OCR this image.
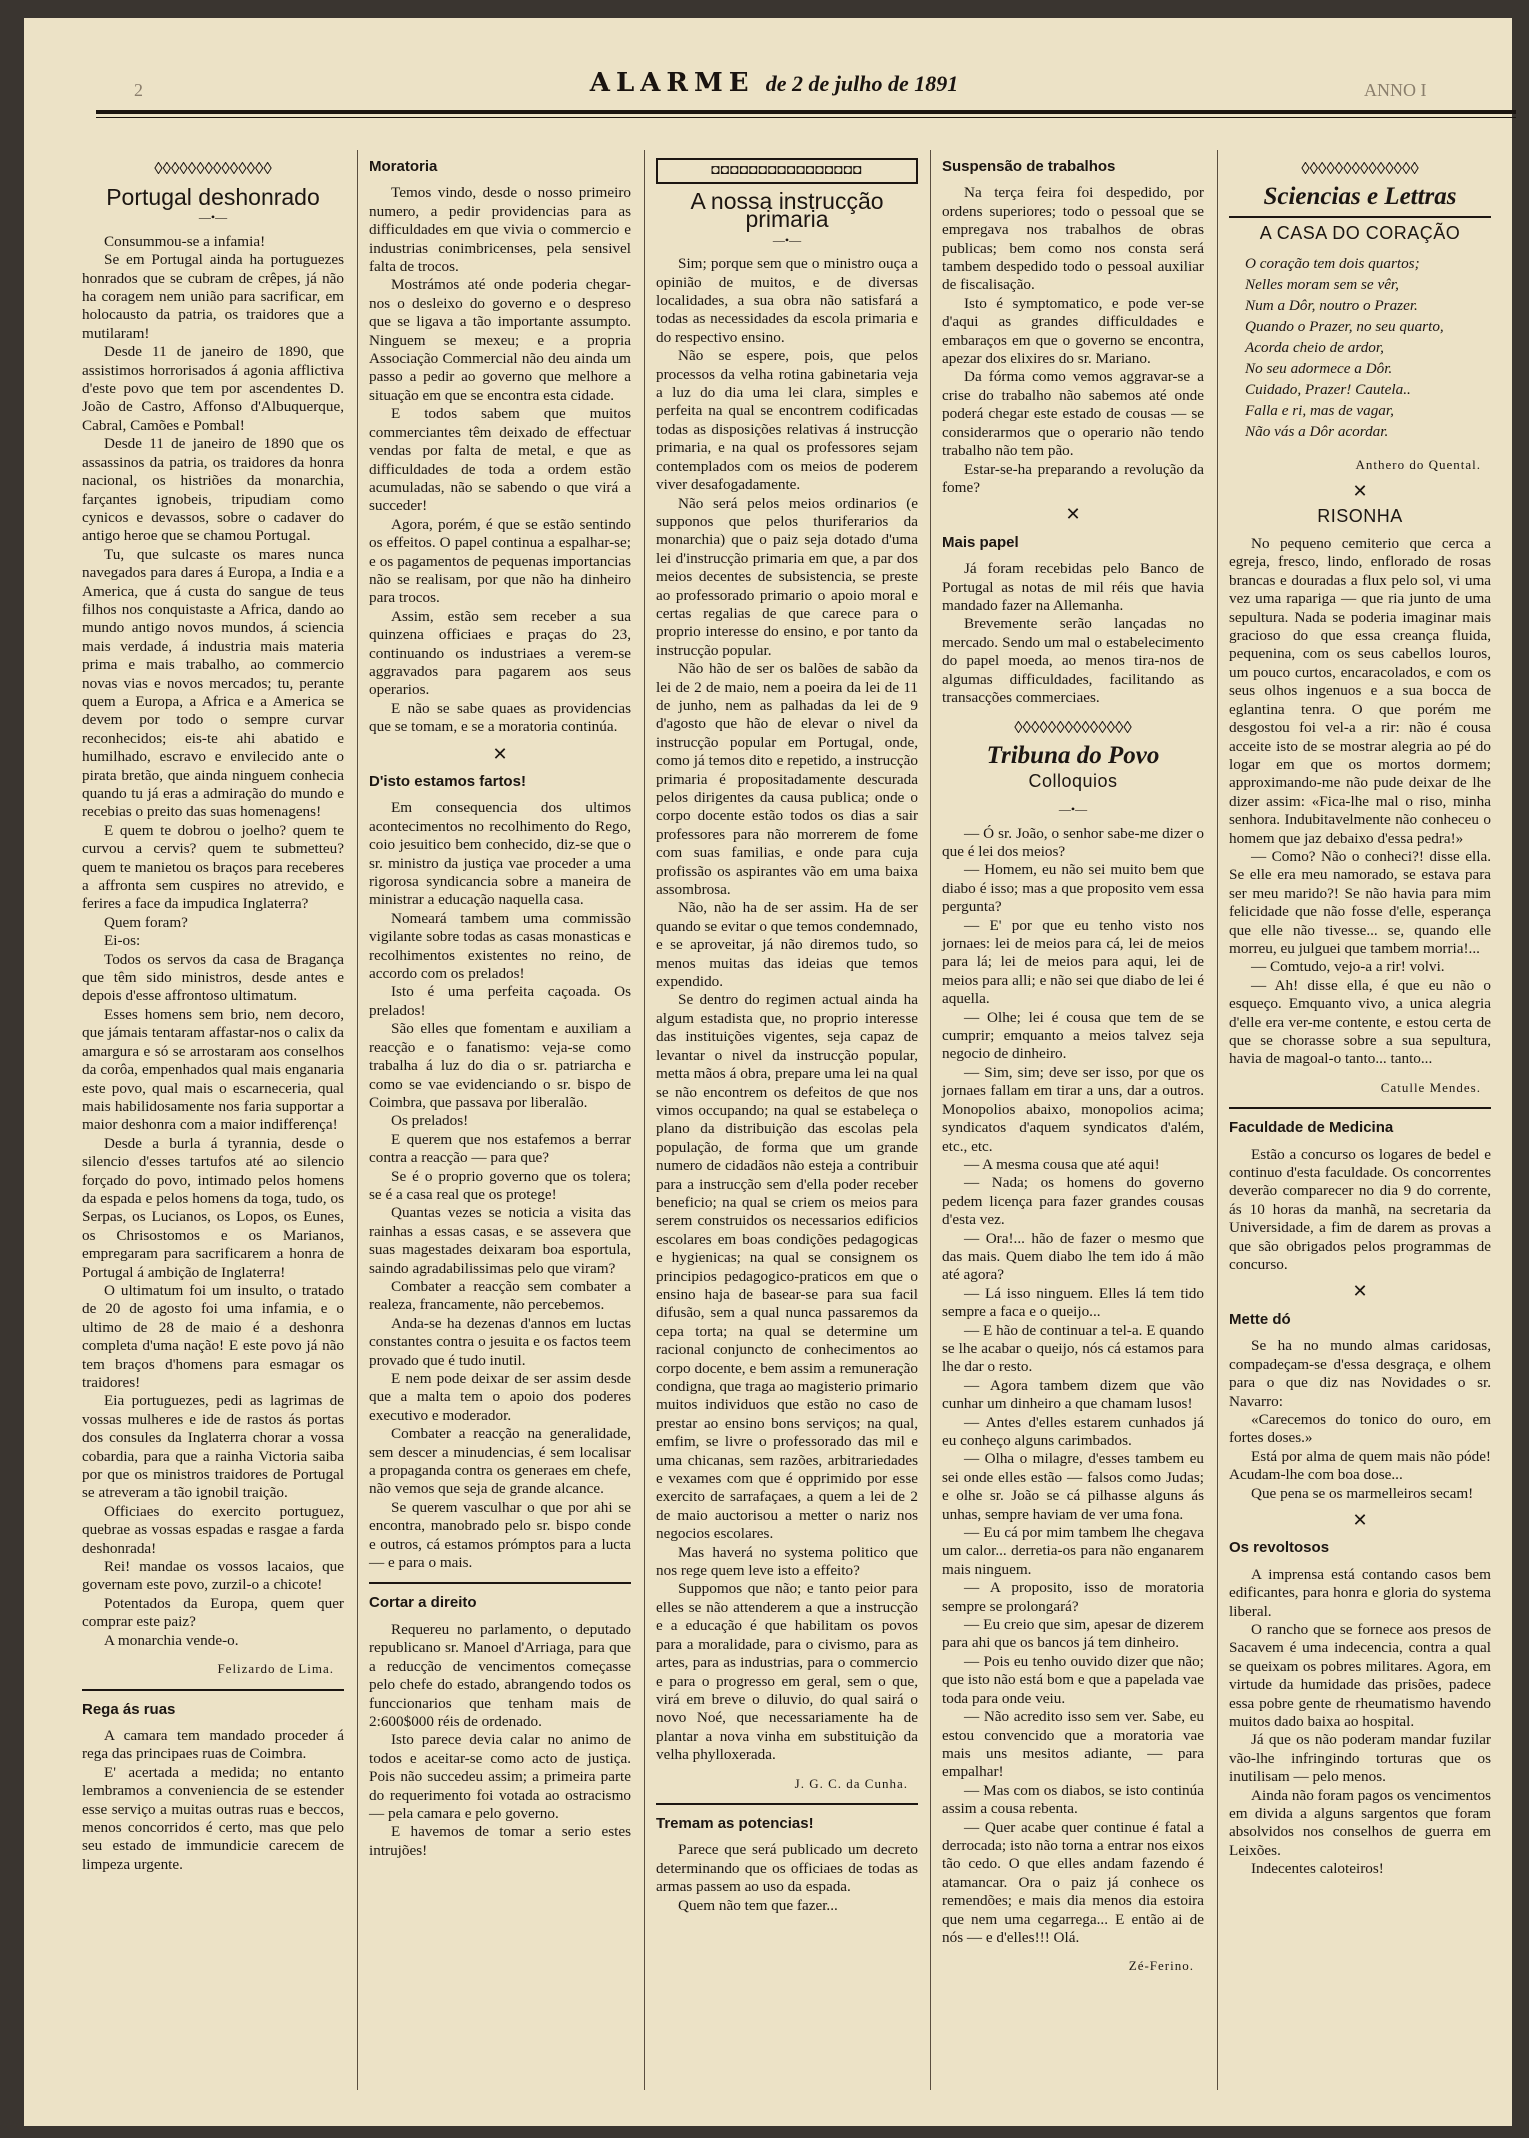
2	ANNO I
ALARME de 2 de julho de 1891
◊◊◊◊◊◊◊◊◊◊◊◊◊◊
Portugal deshonrado
—•—

Consummou-se a infamia!

Se em Portugal ainda ha portuguezes honrados que se cubram de crêpes, já não ha coragem nem união para sacrificar, em holocausto da patria, os traidores que a mutilaram!

Desde 11 de janeiro de 1890, que assistimos horrorisados á agonia afflictiva d'este povo que tem por ascendentes D. João de Castro, Affonso d'Albuquerque, Cabral, Camões e Pombal!

Desde 11 de janeiro de 1890 que os assassinos da patria, os traidores da honra nacional, os histriões da monarchia, farçantes ignobeis, tripudiam como cynicos e devassos, sobre o cadaver do antigo heroe que se chamou Portugal.

Tu, que sulcaste os mares nunca navegados para dares á Europa, a India e a America, que á custa do sangue de teus filhos nos conquistaste a Africa, dando ao mundo antigo novos mundos, á sciencia mais verdade, á industria mais materia prima e mais trabalho, ao commercio novas vias e novos mercados; tu, perante quem a Europa, a Africa e a America se devem por todo o sempre curvar reconhecidos; eis-te ahi abatido e humilhado, escravo e envilecido ante o pirata bretão, que ainda ninguem conhecia quando tu já eras a admiração do mundo e recebias o preito das suas homenagens!

E quem te dobrou o joelho? quem te curvou a cervis? quem te submetteu? quem te manietou os braços para receberes a affronta sem cuspires no atrevido, e ferires a face da impudica Inglaterra?

Quem foram?

Ei-os:

Todos os servos da casa de Bragança que têm sido ministros, desde antes e depois d'esse affrontoso ultimatum.

Esses homens sem brio, nem decoro, que jámais tentaram affastar-nos o calix da amargura e só se arrostaram aos conselhos da corôa, empenhados qual mais enganaria este povo, qual mais o escarneceria, qual mais habilidosamente nos faria supportar a maior deshonra com a maior indifferença!

Desde a burla á tyrannia, desde o silencio d'esses tartufos até ao silencio forçado do povo, intimado pelos homens da espada e pelos homens da toga, tudo, os Serpas, os Lucianos, os Lopos, os Eunes, os Chrisostomos e os Marianos, empregaram para sacrificarem a honra de Portugal á ambição de Inglaterra!

O ultimatum foi um insulto, o tratado de 20 de agosto foi uma infamia, e o ultimo de 28 de maio é a deshonra completa d'uma nação! E este povo já não tem braços d'homens para esmagar os traidores!

Eia portuguezes, pedi as lagrimas de vossas mulheres e ide de rastos ás portas dos consules da Inglaterra chorar a vossa cobardia, para que a rainha Victoria saiba por que os ministros traidores de Portugal se atreveram a tão ignobil traição.

Officiaes do exercito portuguez, quebrae as vossas espadas e rasgae a farda deshonrada!

Rei! mandae os vossos lacaios, que governam este povo, zurzil-o a chicote!

Potentados da Europa, quem quer comprar este paiz?

A monarchia vende-o.

Felizardo de Lima.
Rega ás ruas

A camara tem mandado proceder á rega das principaes ruas de Coimbra.

E' acertada a medida; no entanto lembramos a conveniencia de se estender esse serviço a muitas outras ruas e beccos, menos concorridos é certo, mas que pelo seu estado de immundicie carecem de limpeza urgente.

Moratoria

Temos vindo, desde o nosso primeiro numero, a pedir providencias para as difficuldades em que vivia o commercio e industrias conimbricenses, pela sensivel falta de trocos.

Mostrámos até onde poderia chegar-nos o desleixo do governo e o despreso que se ligava a tão importante assumpto. Ninguem se mexeu; e a propria Associação Commercial não deu ainda um passo a pedir ao governo que melhore a situação em que se encontra esta cidade.

E todos sabem que muitos commerciantes têm deixado de effectuar vendas por falta de metal, e que as difficuldades de toda a ordem estão acumuladas, não se sabendo o que virá a succeder!

Agora, porém, é que se estão sentindo os effeitos. O papel continua a espalhar-se; e os pagamentos de pequenas importancias não se realisam, por que não ha dinheiro para trocos.

Assim, estão sem receber a sua quinzena officiaes e praças do 23, continuando os industriaes a verem-se aggravados para pagarem aos seus operarios.

E não se sabe quaes as providencias que se tomam, e se a moratoria continúa.

✕
D'isto estamos fartos!

Em consequencia dos ultimos acontecimentos no recolhimento do Rego, coio jesuitico bem conhecido, diz-se que o sr. ministro da justiça vae proceder a uma rigorosa syndicancia sobre a maneira de ministrar a educação naquella casa.

Nomeará tambem uma commissão vigilante sobre todas as casas monasticas e recolhimentos existentes no reino, de accordo com os prelados!

Isto é uma perfeita caçoada. Os prelados!

São elles que fomentam e auxiliam a reacção e o fanatismo: veja-se como trabalha á luz do dia o sr. patriarcha e como se vae evidenciando o sr. bispo de Coimbra, que passava por liberalão.

Os prelados!

E querem que nos estafemos a berrar contra a reacção — para que?

Se é o proprio governo que os tolera; se é a casa real que os protege!

Quantas vezes se noticia a visita das rainhas a essas casas, e se assevera que suas magestades deixaram boa esportula, saindo agradabilissimas pelo que viram?

Combater a reacção sem combater a realeza, francamente, não percebemos.

Anda-se ha dezenas d'annos em luctas constantes contra o jesuita e os factos teem provado que é tudo inutil.

E nem pode deixar de ser assim desde que a malta tem o apoio dos poderes executivo e moderador.

Combater a reacção na generalidade, sem descer a minudencias, é sem localisar a propaganda contra os generaes em chefe, não vemos que seja de grande alcance.

Se querem vasculhar o que por ahi se encontra, manobrado pelo sr. bispo conde e outros, cá estamos prómptos para a lucta — e para o mais.

Cortar a direito

Requereu no parlamento, o deputado republicano sr. Manoel d'Arriaga, para que a reducção de vencimentos começasse pelo chefe do estado, abrangendo todos os funccionarios que tenham mais de 2:600$000 réis de ordenado.

Isto parece devia calar no animo de todos e aceitar-se como acto de justiça. Pois não succedeu assim; a primeira parte do requerimento foi votada ao ostracismo — pela camara e pelo governo.

E havemos de tomar a serio estes intrujões!

◘◘◘◘◘◘◘◘◘◘◘◘◘◘◘◘
A nossa instrucção primaria
—•—

Sim; porque sem que o ministro ouça a opinião de muitos, e de diversas localidades, a sua obra não satisfará a todas as necessidades da escola primaria e do respectivo ensino.

Não se espere, pois, que pelos processos da velha rotina gabinetaria veja a luz do dia uma lei clara, simples e perfeita na qual se encontrem codificadas todas as disposições relativas á instrucção primaria, e na qual os professores sejam contemplados com os meios de poderem viver desafogadamente.

Não será pelos meios ordinarios (e supponos que pelos thuriferarios da monarchia) que o paiz seja dotado d'uma lei d'instrucção primaria em que, a par dos meios decentes de subsistencia, se preste ao professorado primario o apoio moral e certas regalias de que carece para o proprio interesse do ensino, e por tanto da instrucção popular.

Não hão de ser os balões de sabão da lei de 2 de maio, nem a poeira da lei de 11 de junho, nem as palhadas da lei de 9 d'agosto que hão de elevar o nivel da instrucção popular em Portugal, onde, como já temos dito e repetido, a instrucção primaria é propositadamente descurada pelos dirigentes da causa publica; onde o corpo docente estão todos os dias a sair professores para não morrerem de fome com suas familias, e onde para cuja profissão os aspirantes vão em uma baixa assombrosa.

Não, não ha de ser assim. Ha de ser quando se evitar o que temos condemnado, e se aproveitar, já não diremos tudo, so menos muitas das ideias que temos expendido.

Se dentro do regimen actual ainda ha algum estadista que, no proprio interesse das instituições vigentes, seja capaz de levantar o nivel da instrucção popular, metta mãos á obra, prepare uma lei na qual se não encontrem os defeitos de que nos vimos occupando; na qual se estabeleça o plano da distribuição das escolas pela população, de forma que um grande numero de cidadãos não esteja a contribuir para a instrucção sem d'ella poder receber beneficio; na qual se criem os meios para serem construidos os necessarios edificios escolares em boas condições pedagogicas e hygienicas; na qual se consignem os principios pedagogico-praticos em que o ensino haja de basear-se para sua facil difusão, sem a qual nunca passaremos da cepa torta; na qual se determine um racional conjuncto de conhecimentos ao corpo docente, e bem assim a remuneração condigna, que traga ao magisterio primario muitos individuos que estão no caso de prestar ao ensino bons serviços; na qual, emfim, se livre o professorado das mil e uma chicanas, sem razões, arbitrariedades e vexames com que é opprimido por esse exercito de sarrafaçaes, a quem a lei de 2 de maio auctorisou a metter o nariz nos negocios escolares.

Mas haverá no systema politico que nos rege quem leve isto a effeito?

Suppomos que não; e tanto peior para elles se não attenderem a que a instrucção e a educação é que habilitam os povos para a moralidade, para o civismo, para as artes, para as industrias, para o commercio e para o progresso em geral, sem o que, virá em breve o diluvio, do qual sairá o novo Noé, que necessariamente ha de plantar a nova vinha em substituição da velha phylloxerada.

J. G. C. da Cunha.
Tremam as potencias!

Parece que será publicado um decreto determinando que os officiaes de todas as armas passem ao uso da espada.

Quem não tem que fazer...

Suspensão de trabalhos

Na terça feira foi despedido, por ordens superiores; todo o pessoal que se empregava nos trabalhos de obras publicas; bem como nos consta será tambem despedido todo o pessoal auxiliar de fiscalisação.

Isto é symptomatico, e pode ver-se d'aqui as grandes difficuldades e embaraços em que o governo se encontra, apezar dos elixires do sr. Mariano.

Da fórma como vemos aggravar-se a crise do trabalho não sabemos até onde poderá chegar este estado de cousas — se considerarmos que o operario não tendo trabalho não tem pão.

Estar-se-ha preparando a revolução da fome?

✕
Mais papel

Já foram recebidas pelo Banco de Portugal as notas de mil réis que havia mandado fazer na Allemanha.

Brevemente serão lançadas no mercado. Sendo um mal o estabelecimento do papel moeda, ao menos tira-nos de algumas difficuldades, facilitando as transacções commerciaes.

◊◊◊◊◊◊◊◊◊◊◊◊◊◊
Tribuna do Povo
Colloquios
—•—

— Ó sr. João, o senhor sabe-me dizer o que é lei dos meios?

— Homem, eu não sei muito bem que diabo é isso; mas a que proposito vem essa pergunta?

— E' por que eu tenho visto nos jornaes: lei de meios para cá, lei de meios para lá; lei de meios para aqui, lei de meios para alli; e não sei que diabo de lei é aquella.

— Olhe; lei é cousa que tem de se cumprir; emquanto a meios talvez seja negocio de dinheiro.

— Sim, sim; deve ser isso, por que os jornaes fallam em tirar a uns, dar a outros. Monopolios abaixo, monopolios acima; syndicatos d'aquem syndicatos d'além, etc., etc.

— A mesma cousa que até aqui!

— Nada; os homens do governo pedem licença para fazer grandes cousas d'esta vez.

— Ora!... hão de fazer o mesmo que das mais. Quem diabo lhe tem ido á mão até agora?

— Lá isso ninguem. Elles lá tem tido sempre a faca e o queijo...

— E hão de continuar a tel-a. E quando se lhe acabar o queijo, nós cá estamos para lhe dar o resto.

— Agora tambem dizem que vão cunhar um dinheiro a que chamam lusos!

— Antes d'elles estarem cunhados já eu conheço alguns carimbados.

— Olha o milagre, d'esses tambem eu sei onde elles estão — falsos como Judas; e olhe sr. João se cá pilhasse alguns ás unhas, sempre haviam de ver uma fona.

— Eu cá por mim tambem lhe chegava um calor... derretia-os para não enganarem mais ninguem.

— A proposito, isso de moratoria sempre se prolongará?

— Eu creio que sim, apesar de dizerem para ahi que os bancos já tem dinheiro.

— Pois eu tenho ouvido dizer que não; que isto não está bom e que a papelada vae toda para onde veiu.

— Não acredito isso sem ver. Sabe, eu estou convencido que a moratoria vae mais uns mesitos adiante, — para empalhar!

— Mas com os diabos, se isto continúa assim a cousa rebenta.

— Quer acabe quer continue é fatal a derrocada; isto não torna a entrar nos eixos tão cedo. O que elles andam fazendo é atamancar. Ora o paiz já conhece os remendões; e mais dia menos dia estoira que nem uma cegarrega... E então ai de nós — e d'elles!!! Olá.

Zé-Ferino.
◊◊◊◊◊◊◊◊◊◊◊◊◊◊
Sciencias e Lettras
A CASA DO CORAÇÃO
O coração tem dois quartos;
Nelles moram sem se vêr,
Num a Dôr, noutro o Prazer.
Quando o Prazer, no seu quarto,
Acorda cheio de ardor,
No seu adormece a Dôr.
Cuidado, Prazer! Cautela..
Falla e ri, mas de vagar,
Não vás a Dôr acordar.
Anthero do Quental.
✕
RISONHA

No pequeno cemiterio que cerca a egreja, fresco, lindo, enflorado de rosas brancas e douradas a flux pelo sol, vi uma vez uma rapariga — que ria junto de uma sepultura. Nada se poderia imaginar mais gracioso do que essa creança fluida, pequenina, com os seus cabellos louros, um pouco curtos, encaracolados, e com os seus olhos ingenuos e a sua bocca de eglantina tenra. O que porém me desgostou foi vel-a a rir: não é cousa acceite isto de se mostrar alegria ao pé do logar em que os mortos dormem; approximando-me não pude deixar de lhe dizer assim: «Fica-lhe mal o riso, minha senhora. Indubitavelmente não conheceu o homem que jaz debaixo d'essa pedra!»

— Como? Não o conheci?! disse ella. Se elle era meu namorado, se estava para ser meu marido?! Se não havia para mim felicidade que não fosse d'elle, esperança que elle não tivesse... se, quando elle morreu, eu julguei que tambem morria!...

— Comtudo, vejo-a a rir! volvi.

— Ah! disse ella, é que eu não o esqueço. Emquanto vivo, a unica alegria d'elle era ver-me contente, e estou certa de que se chorasse sobre a sua sepultura, havia de magoal-o tanto... tanto...

Catulle Mendes.
Faculdade de Medicina

Estão a concurso os logares de bedel e continuo d'esta faculdade. Os concorrentes deverão comparecer no dia 9 do corrente, ás 10 horas da manhã, na secretaria da Universidade, a fim de darem as provas a que são obrigados pelos programmas de concurso.

✕
Mette dó

Se ha no mundo almas caridosas, compadeçam-se d'essa desgraça, e olhem para o que diz nas Novidades o sr. Navarro:

«Carecemos do tonico do ouro, em fortes doses.»

Está por alma de quem mais não póde! Acudam-lhe com boa dose...

Que pena se os marmelleiros secam!

✕
Os revoltosos

A imprensa está contando casos bem edificantes, para honra e gloria do systema liberal.

O rancho que se fornece aos presos de Sacavem é uma indecencia, contra a qual se queixam os pobres militares. Agora, em virtude da humidade das prisões, padece essa pobre gente de rheumatismo havendo muitos dado baixa ao hospital.

Já que os não poderam mandar fuzilar vão-lhe infringindo torturas que os inutilisam — pelo menos.

Ainda não foram pagos os vencimentos em divida a alguns sargentos que foram absolvidos nos conselhos de guerra em Leixões.

Indecentes caloteiros!
